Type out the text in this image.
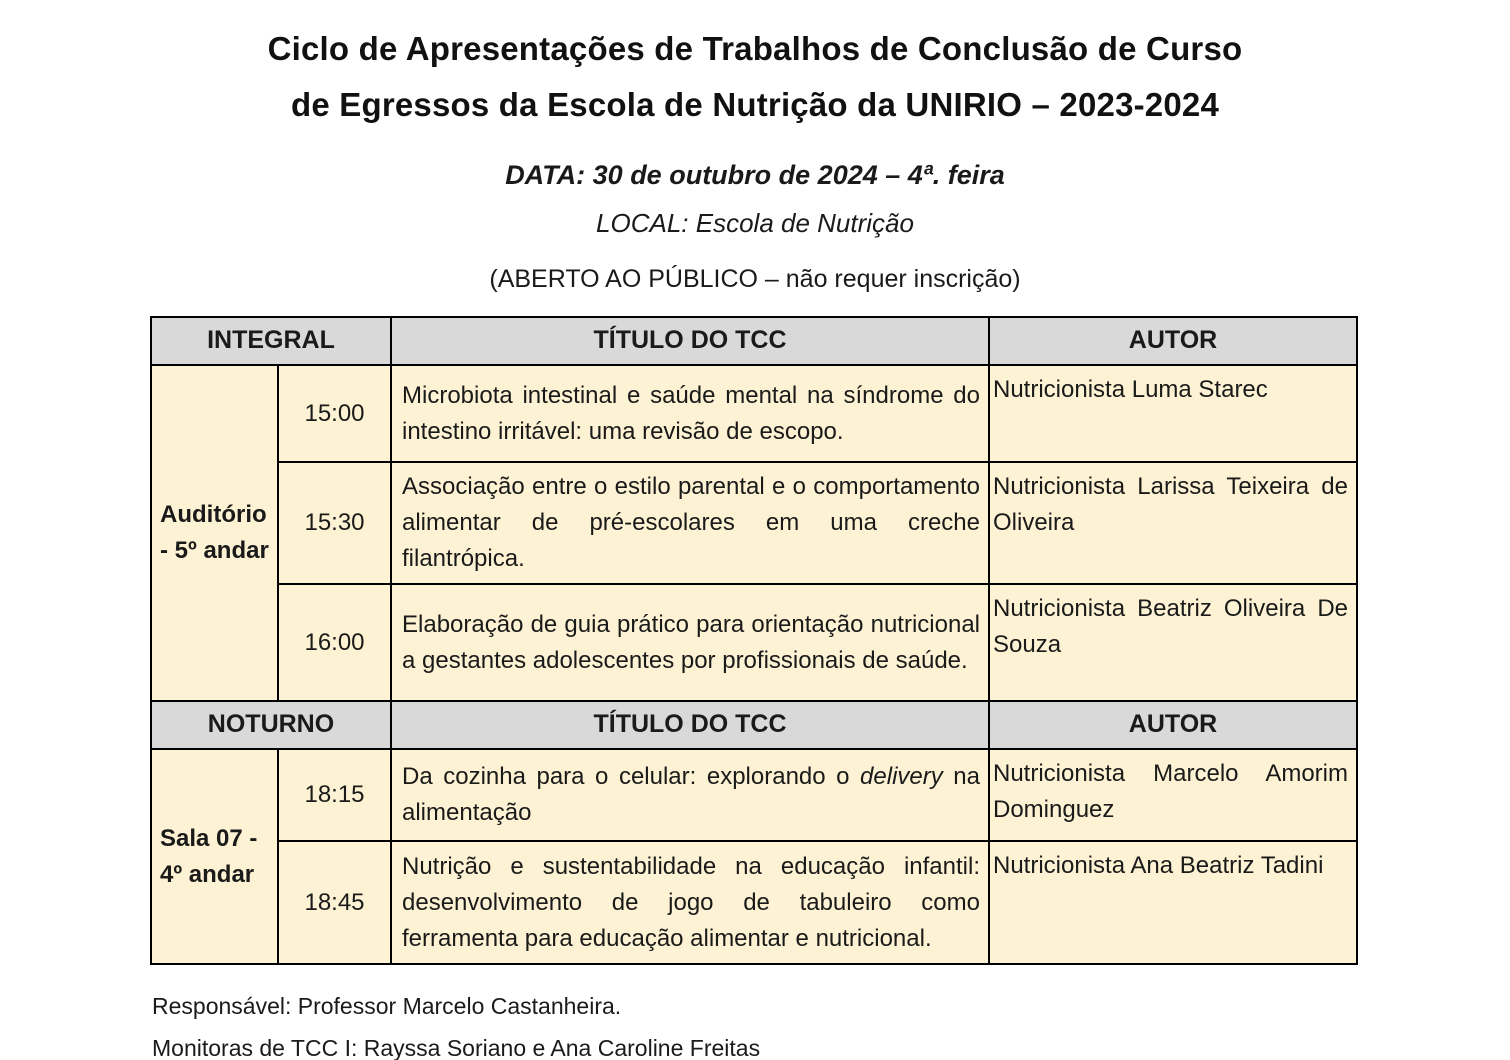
Ciclo de Apresentações de Trabalhos de Conclusão de Curso
de Egressos da Escola de Nutrição da UNIRIO – 2023-2024
DATA: 30 de outubro de 2024 – 4ª. feira
LOCAL: Escola de Nutrição
(ABERTO AO PÚBLICO – não requer inscrição)
INTEGRAL		TÍTULO DO TCC	AUTOR
Auditório - 5º andar	15:00	Microbiota intestinal e saúde mental na síndrome do intestino irritável: uma revisão de escopo.	Nutricionista Luma Starec
	15:30	Associação entre o estilo parental e o comportamento alimentar de pré-escolares em uma creche filantrópica.	Nutricionista Larissa Teixeira de Oliveira
	16:00	Elaboração de guia prático para orientação nutricional a gestantes adolescentes por profissionais de saúde.	Nutricionista Beatriz Oliveira De Souza
NOTURNO		TÍTULO DO TCC	AUTOR
Sala 07 - 4º andar	18:15	Da cozinha para o celular: explorando o delivery na alimentação	Nutricionista Marcelo Amorim Dominguez
	18:45	Nutrição e sustentabilidade na educação infantil: desenvolvimento de jogo de tabuleiro como ferramenta para educação alimentar e nutricional.	Nutricionista Ana Beatriz Tadini

Responsável: Professor Marcelo Castanheira.

Monitoras de TCC I: Rayssa Soriano e Ana Caroline Freitas
